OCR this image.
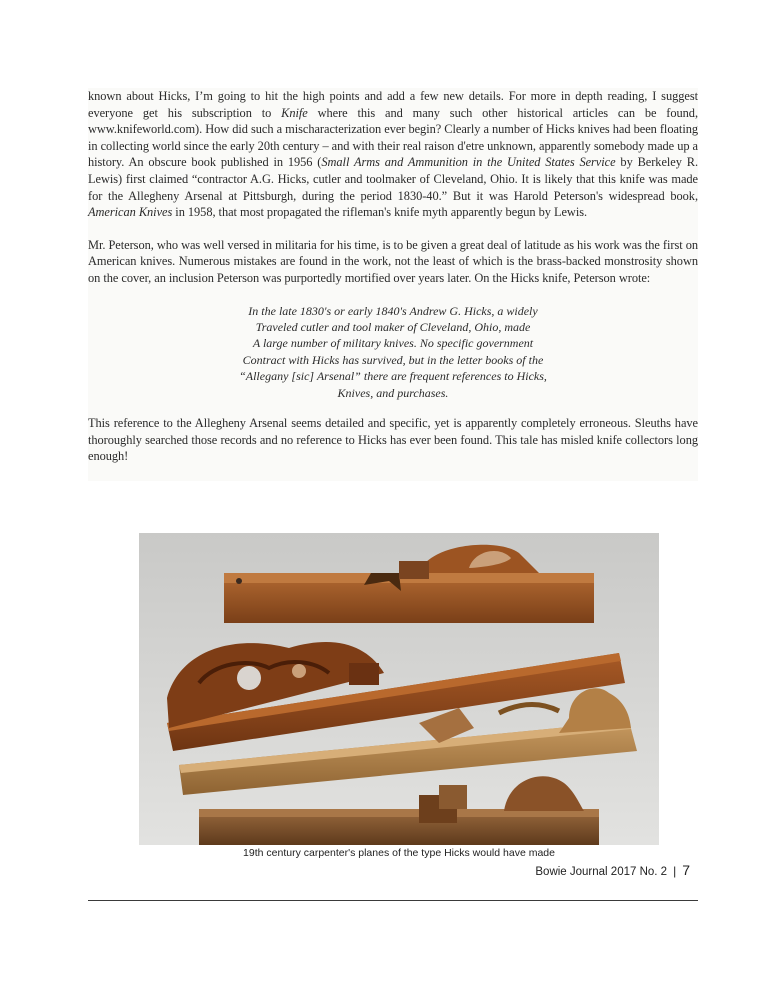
known about Hicks, I’m going to hit the high points and add a few new details. For more in depth reading, I suggest everyone get his subscription to Knife where this and many such other historical articles can be found, www.knifeworld.com). How did such a mischaracterization ever begin? Clearly a number of Hicks knives had been floating in collecting world since the early 20th century – and with their real raison d'etre unknown, apparently somebody made up a history. An obscure book published in 1956 (Small Arms and Ammunition in the United States Service by Berkeley R. Lewis) first claimed “contractor A.G. Hicks, cutler and toolmaker of Cleveland, Ohio. It is likely that this knife was made for the Allegheny Arsenal at Pittsburgh, during the period 1830-40.” But it was Harold Peterson's widespread book, American Knives in 1958, that most propagated the rifleman's knife myth apparently begun by Lewis.

Mr. Peterson, who was well versed in militaria for his time, is to be given a great deal of latitude as his work was the first on American knives. Numerous mistakes are found in the work, not the least of which is the brass-backed monstrosity shown on the cover, an inclusion Peterson was purportedly mortified over years later. On the Hicks knife, Peterson wrote:

In the late 1830's or early 1840's Andrew G. Hicks, a widely
Traveled cutler and tool maker of Cleveland, Ohio, made
A large number of military knives. No specific government
Contract with Hicks has survived, but in the letter books of the
“Allegany [sic] Arsenal” there are frequent references to Hicks,
Knives, and purchases.

This reference to the Allegheny Arsenal seems detailed and specific, yet is apparently completely erroneous. Sleuths have thoroughly searched those records and no reference to Hicks has ever been found. This tale has misled knife collectors long enough!

19th century carpenter's planes of the type Hicks would have made
Bowie Journal 2017 No. 2 | 7
